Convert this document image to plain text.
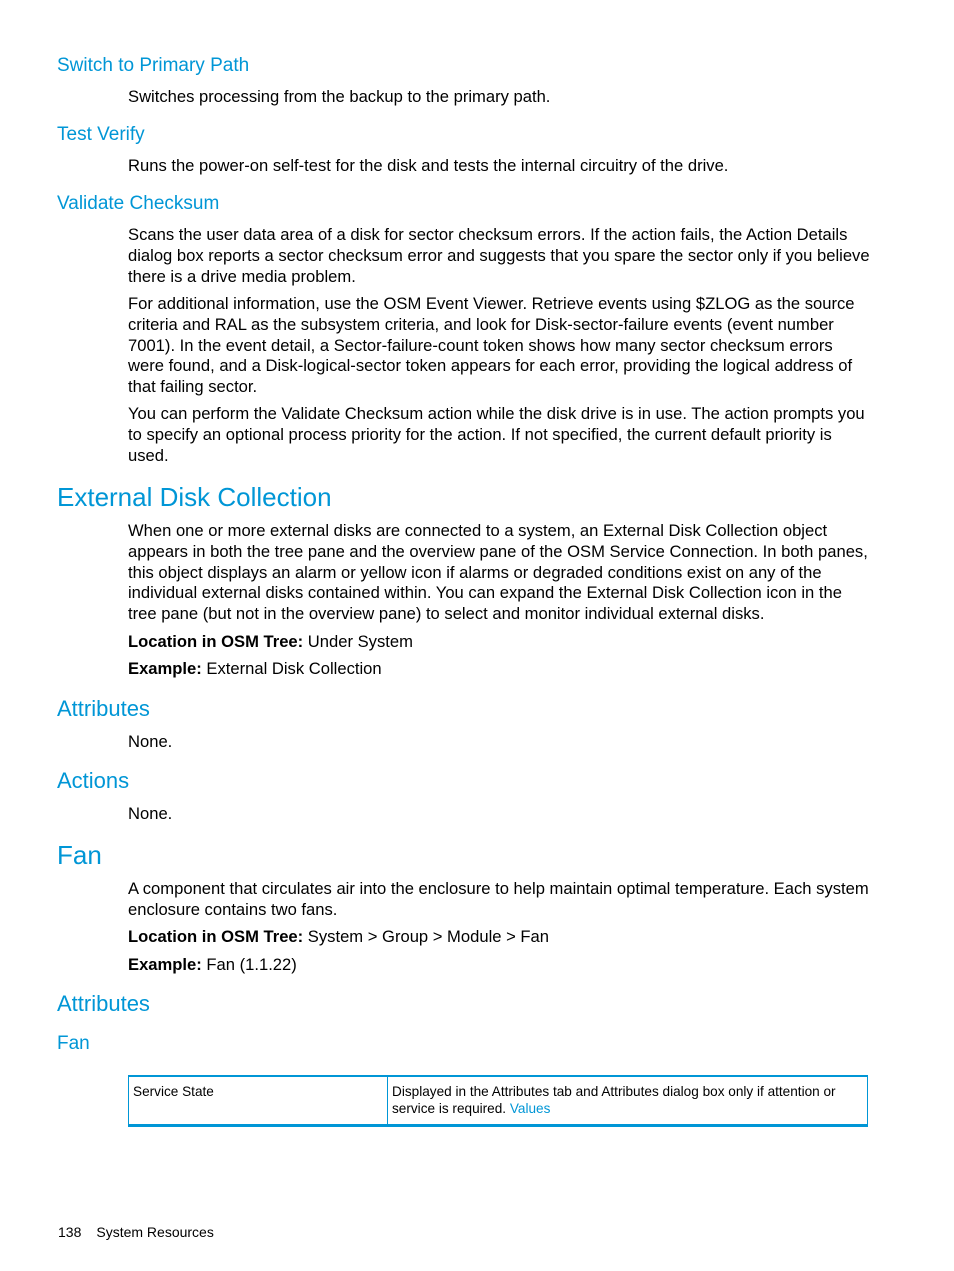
Switch to Primary Path
Switches processing from the backup to the primary path.
Test Verify
Runs the power-on self-test for the disk and tests the internal circuitry of the drive.
Validate Checksum
Scans the user data area of a disk for sector checksum errors. If the action fails, the Action Details dialog box reports a sector checksum error and suggests that you spare the sector only if you believe there is a drive media problem.
For additional information, use the OSM Event Viewer. Retrieve events using $ZLOG as the source criteria and RAL as the subsystem criteria, and look for Disk-sector-failure events (event number 7001). In the event detail, a Sector-failure-count token shows how many sector checksum errors were found, and a Disk-logical-sector token appears for each error, providing the logical address of that failing sector.
You can perform the Validate Checksum action while the disk drive is in use. The action prompts you to specify an optional process priority for the action. If not specified, the current default priority is used.
External Disk Collection
When one or more external disks are connected to a system, an External Disk Collection object appears in both the tree pane and the overview pane of the OSM Service Connection. In both panes, this object displays an alarm or yellow icon if alarms or degraded conditions exist on any of the individual external disks contained within. You can expand the External Disk Collection icon in the tree pane (but not in the overview pane) to select and monitor individual external disks.
Location in OSM Tree: Under System
Example: External Disk Collection
Attributes
None.
Actions
None.
Fan
A component that circulates air into the enclosure to help maintain optimal temperature. Each system enclosure contains two fans.
Location in OSM Tree: System > Group > Module > Fan
Example: Fan (1.1.22)
Attributes
Fan
Service State	Displayed in the Attributes tab and Attributes dialog box only if attention or service is required. Values
138 System Resources
